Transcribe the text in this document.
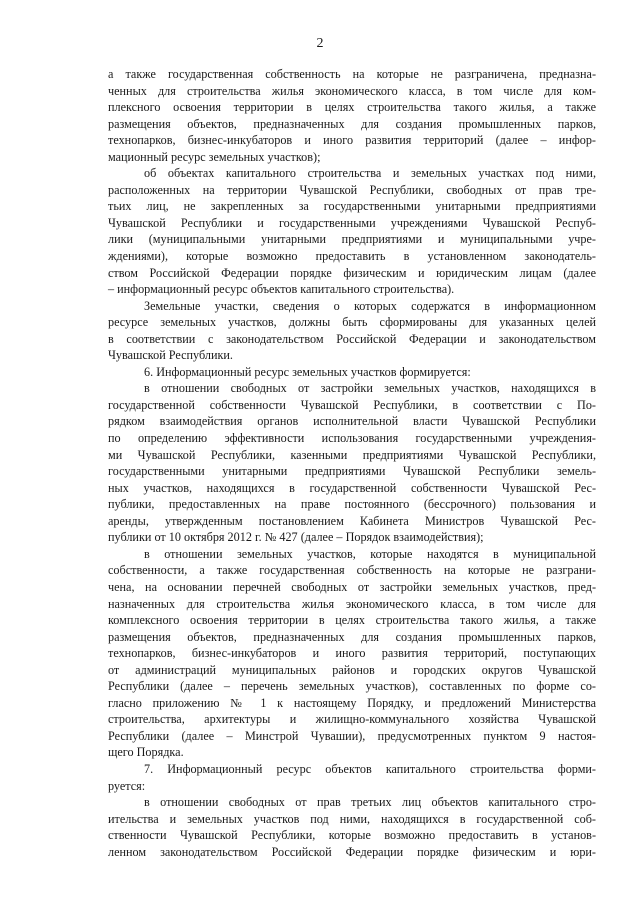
2
а также государственная собственность на которые не разграничена, предназна-
ченных для строительства жилья экономического класса, в том числе для ком-
плексного освоения территории в целях строительства такого жилья, а также
размещения объектов, предназначенных для создания промышленных парков,
технопарков, бизнес-инкубаторов и иного развития территорий (далее – инфор-
мационный ресурс земельных участков);
об объектах капитального строительства и земельных участках под ними,
расположенных на территории Чувашской Республики, свободных от прав тре-
тьих лиц, не закрепленных за государственными унитарными предприятиями
Чувашской Республики и государственными учреждениями Чувашской Респуб-
лики (муниципальными унитарными предприятиями и муниципальными учре-
ждениями), которые возможно предоставить в установленном законодатель-
ством Российской Федерации порядке физическим и юридическим лицам (далее
– информационный ресурс объектов капитального строительства).
Земельные участки, сведения о которых содержатся в информационном
ресурсе земельных участков, должны быть сформированы для указанных целей
в соответствии с законодательством Российской Федерации и законодательством
Чувашской Республики.
6. Информационный ресурс земельных участков формируется:
в отношении свободных от застройки земельных участков, находящихся в
государственной собственности Чувашской Республики, в соответствии с По-
рядком взаимодействия органов исполнительной власти Чувашской Республики
по определению эффективности использования государственными учреждения-
ми Чувашской Республики, казенными предприятиями Чувашской Республики,
государственными унитарными предприятиями Чувашской Республики земель-
ных участков, находящихся в государственной собственности Чувашской Рес-
публики, предоставленных на праве постоянного (бессрочного) пользования и
аренды, утвержденным постановлением Кабинета Министров Чувашской Рес-
публики от 10 октября 2012 г. № 427 (далее – Порядок взаимодействия);
в отношении земельных участков, которые находятся в муниципальной
собственности, а также государственная собственность на которые не разграни-
чена, на основании перечней свободных от застройки земельных участков, пред-
назначенных для строительства жилья экономического класса, в том числе для
комплексного освоения территории в целях строительства такого жилья, а также
размещения объектов, предназначенных для создания промышленных парков,
технопарков, бизнес-инкубаторов и иного развития территорий, поступающих
от администраций муниципальных районов и городских округов Чувашской
Республики (далее – перечень земельных участков), составленных по форме со-
гласно приложению № 1 к настоящему Порядку, и предложений Министерства
строительства, архитектуры и жилищно-коммунального хозяйства Чувашской
Республики (далее – Минстрой Чувашии), предусмотренных пунктом 9 настоя-
щего Порядка.
7. Информационный ресурс объектов капитального строительства форми-
руется:
в отношении свободных от прав третьих лиц объектов капитального стро-
ительства и земельных участков под ними, находящихся в государственной соб-
ственности Чувашской Республики, которые возможно предоставить в установ-
ленном законодательством Российской Федерации порядке физическим и юри-
